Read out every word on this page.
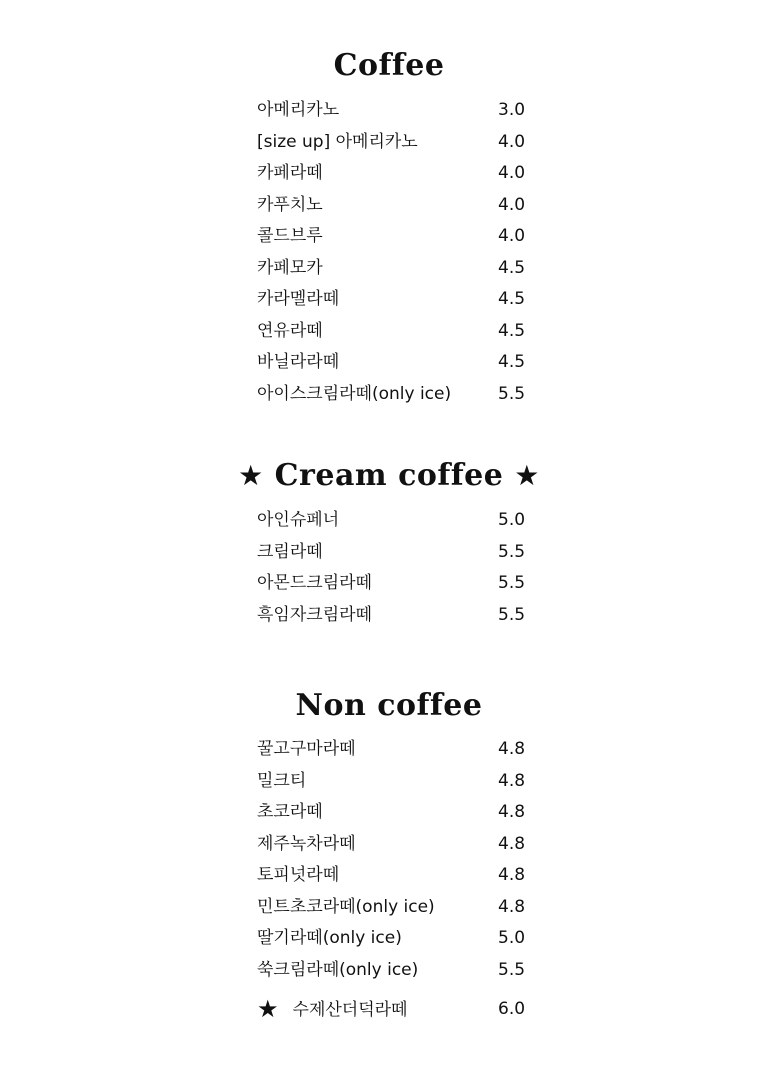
Coffee
아메리카노	3.0
[size up] 아메리카노	4.0
카페라떼	4.0
카푸치노	4.0
콜드브루	4.0
카페모카	4.5
카라멜라떼	4.5
연유라떼	4.5
바닐라라떼	4.5
아이스크림라떼(only ice)	5.5
★ Cream coffee ★
아인슈페너	5.0
크림라떼	5.5
아몬드크림라떼	5.5
흑임자크림라떼	5.5
Non coffee
꿀고구마라떼	4.8
밀크티	4.8
초코라떼	4.8
제주녹차라떼	4.8
토피넛라떼	4.8
민트초코라떼(only ice)	4.8
딸기라떼(only ice)	5.0
쑥크림라떼(only ice)	5.5
★ 수제산더덕라떼	6.0
